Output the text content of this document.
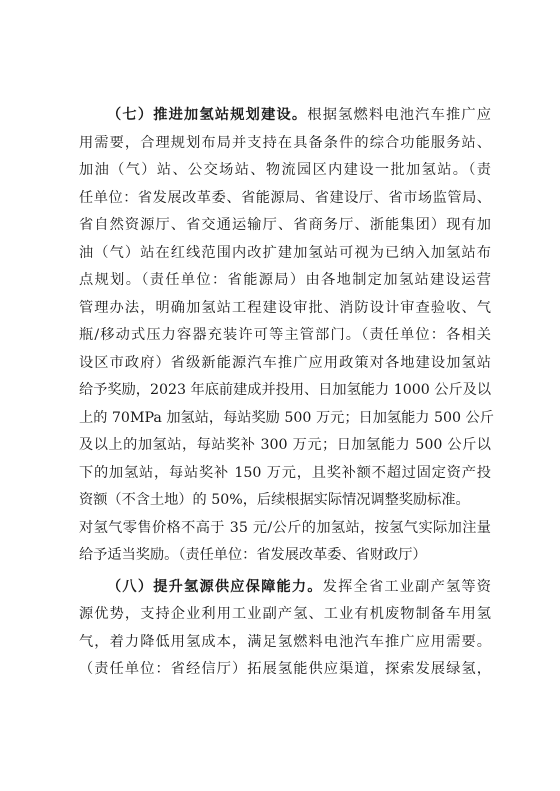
（七）推进加氢站规划建设。根据氢燃料电池汽车推广应
用需要，合理规划布局并支持在具备条件的综合功能服务站、
加油（气）站、公交场站、物流园区内建设一批加氢站。（责
任单位：省发展改革委、省能源局、省建设厅、省市场监管局、
省自然资源厅、省交通运输厅、省商务厅、浙能集团）现有加
油（气）站在红线范围内改扩建加氢站可视为已纳入加氢站布
点规划。（责任单位：省能源局）由各地制定加氢站建设运营
管理办法，明确加氢站工程建设审批、消防设计审查验收、气
瓶/移动式压力容器充装许可等主管部门。（责任单位：各相关
设区市政府）省级新能源汽车推广应用政策对各地建设加氢站
给予奖励，2023 年底前建成并投用、日加氢能力 1000 公斤及以
上的 70MPa 加氢站，每站奖励 500 万元；日加氢能力 500 公斤
及以上的加氢站，每站奖补 300 万元；日加氢能力 500 公斤以
下的加氢站，每站奖补 150 万元，且奖补额不超过固定资产投
资额（不含土地）的 50%，后续根据实际情况调整奖励标准。
对氢气零售价格不高于 35 元/公斤的加氢站，按氢气实际加注量
给予适当奖励。（责任单位：省发展改革委、省财政厅）
（八）提升氢源供应保障能力。发挥全省工业副产氢等资
源优势，支持企业利用工业副产氢、工业有机废物制备车用氢
气，着力降低用氢成本，满足氢燃料电池汽车推广应用需要。
（责任单位：省经信厅）拓展氢能供应渠道，探索发展绿氢，
